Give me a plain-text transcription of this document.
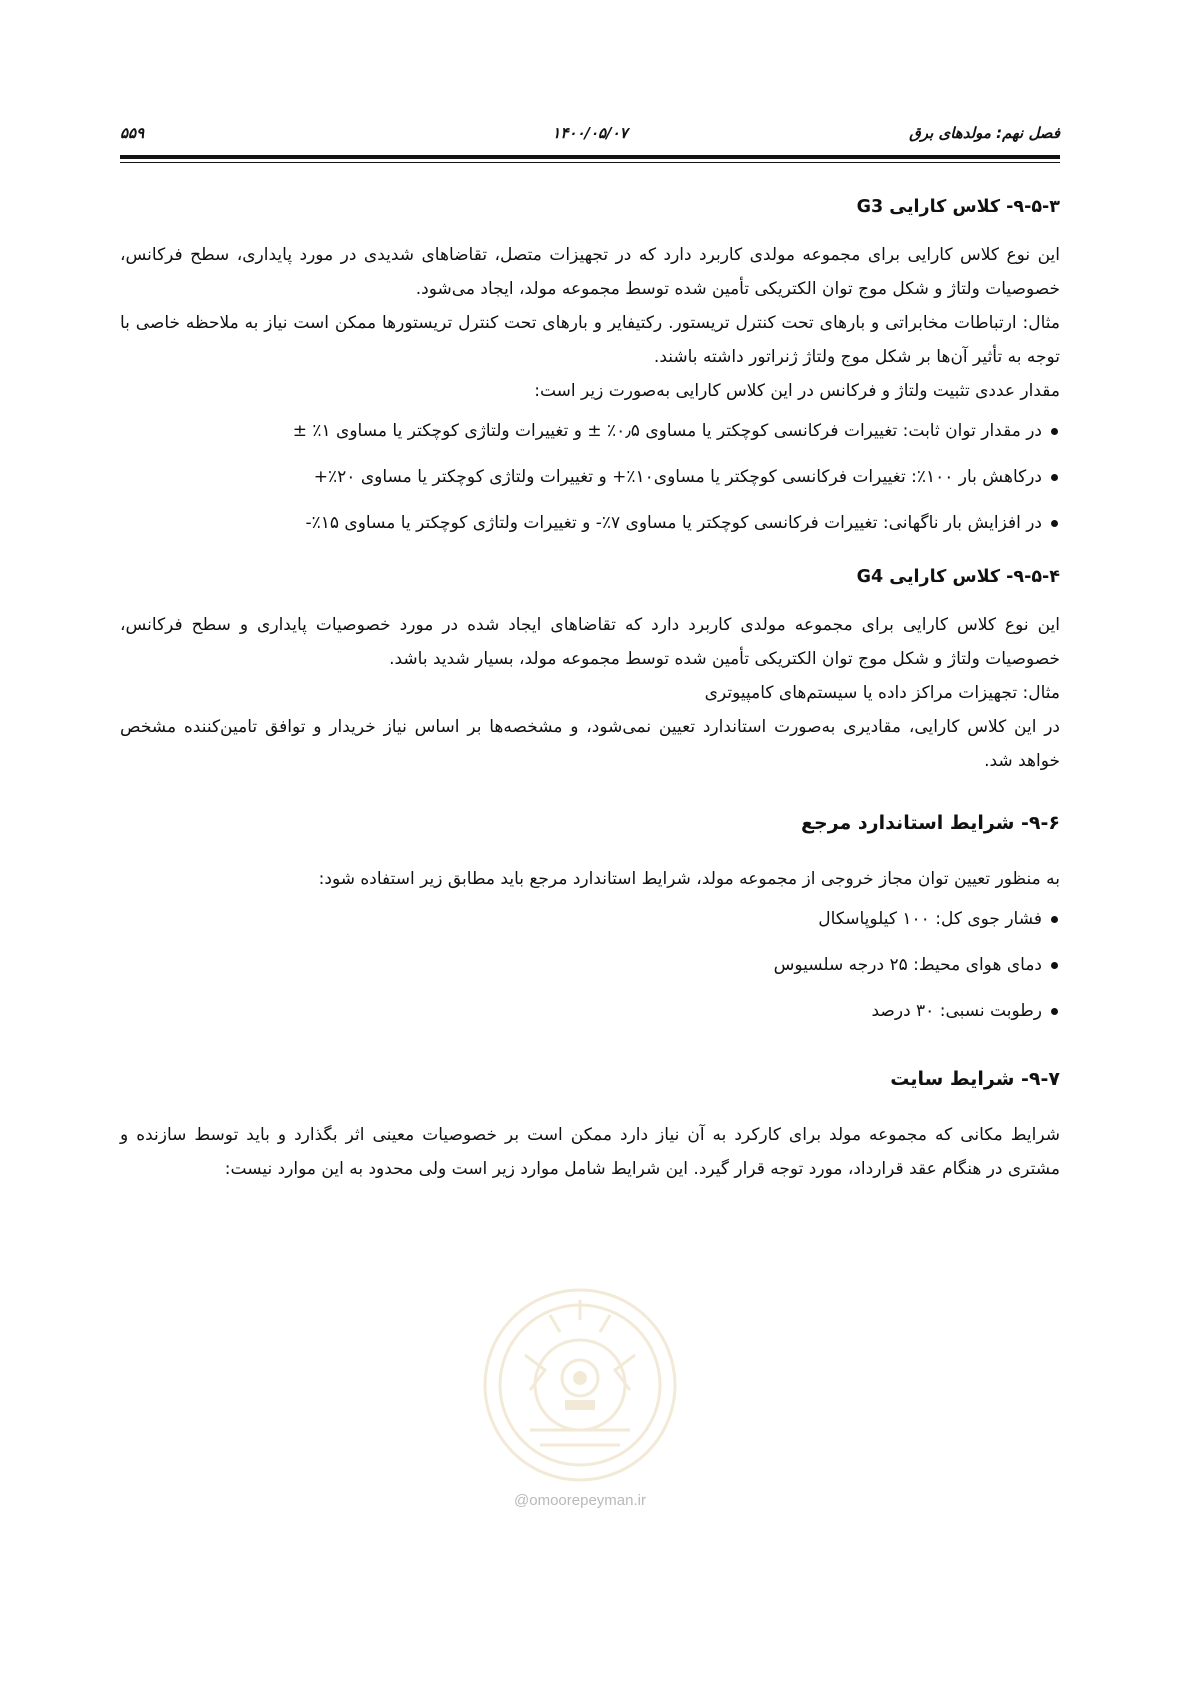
فصل نهم: مولدهای برق
۱۴۰۰/۰۵/۰۷
۵۵۹
۹-۵-۳- کلاس کارایی G3

این نوع کلاس کارایی برای مجموعه مولدی کاربرد دارد که در تجهیزات متصل، تقاضاهای شدیدی در مورد پایداری، سطح فرکانس، خصوصیات ولتاژ و شکل موج توان الکتریکی تأمین شده توسط مجموعه مولد، ایجاد می‌شود.

مثال: ارتباطات مخابراتی و بارهای تحت کنترل تریستور. رکتیفایر و بارهای تحت کنترل تریستورها ممکن است نیاز به ملاحظه خاصی با توجه به تأثیر آن‌ها بر شکل موج ولتاژ ژنراتور داشته باشند.

مقدار عددی تثبیت ولتاژ و فرکانس در این کلاس کارایی به‌صورت زیر است:

در مقدار توان ثابت: تغییرات فرکانسی کوچکتر یا مساوی ۰٫۵٪ ± و تغییرات ولتاژی کوچکتر یا مساوی ۱٪ ±
درکاهش بار ۱۰۰٪: تغییرات فرکانسی کوچکتر یا مساوی۱۰٪+ و تغییرات ولتاژی کوچکتر یا مساوی ۲۰٪+
در افزایش بار ناگهانی: تغییرات فرکانسی کوچکتر یا مساوی ۷٪- و تغییرات ولتاژی کوچکتر یا مساوی ۱۵٪-
۹-۵-۴- کلاس کارایی G4

این نوع کلاس کارایی برای مجموعه مولدی کاربرد دارد که تقاضاهای ایجاد شده در مورد خصوصیات پایداری و سطح فرکانس، خصوصیات ولتاژ و شکل موج توان الکتریکی تأمین شده توسط مجموعه مولد، بسیار شدید باشد.

مثال: تجهیزات مراکز داده یا سیستم‌های کامپیوتری

در این کلاس کارایی، مقادیری به‌صورت استاندارد تعیین نمی‌شود، و مشخصه‌ها بر اساس نیاز خریدار و توافق تامین‌کننده مشخص خواهد شد.

۹-۶- شرایط استاندارد مرجع

به منظور تعیین توان مجاز خروجی از مجموعه مولد، شرایط استاندارد مرجع باید مطابق زیر استفاده شود:

فشار جوی کل: ۱۰۰ کیلوپاسکال
دمای هوای محیط: ۲۵ درجه سلسیوس
رطوبت نسبی: ۳۰ درصد
۹-۷- شرایط سایت

شرایط مکانی که مجموعه مولد برای کارکرد به آن نیاز دارد ممکن است بر خصوصیات معینی اثر بگذارد و باید توسط سازنده و مشتری در هنگام عقد قرارداد، مورد توجه قرار گیرد. این شرایط شامل موارد زیر است ولی محدود به این موارد نیست:

@omoorepeyman.ir
